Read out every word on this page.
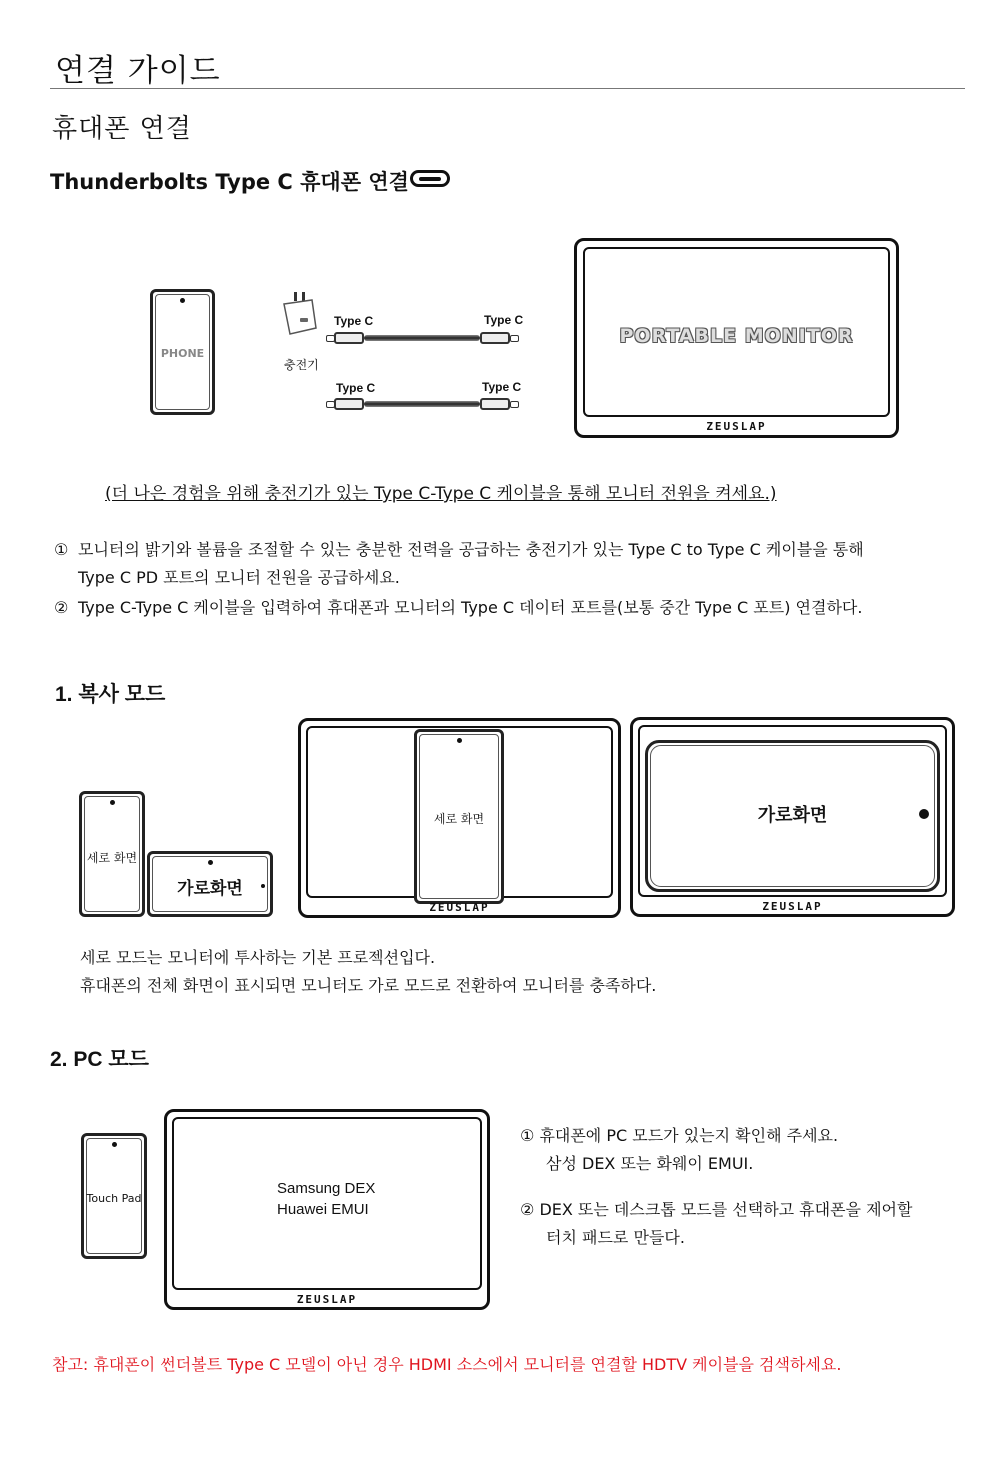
연결 가이드
휴대폰 연결
Thunderbolts Type C 휴대폰 연결
PHONE
충전기
Type C	Type C
Type C	Type C
PORTABLE MONITOR
ZEUSLAP
(더 나은 경험을 위해 충전기가 있는 Type C-Type C 케이블을 통해 모니터 전원을 켜세요.)
① 모니터의 밝기와 볼륨을 조절할 수 있는 충분한 전력을 공급하는 충전기가 있는 Type C to Type C 케이블을 통해
Type C PD 포트의 모니터 전원을 공급하세요.
② Type C-Type C 케이블을 입력하여 휴대폰과 모니터의 Type C 데이터 포트를(보통 중간 Type C 포트) 연결하다.
1. 복사 모드
세로 화면
가로화면
세로 화면
ZEUSLAP
가로화면
ZEUSLAP
세로 모드는 모니터에 투사하는 기본 프로젝션입다.
휴대폰의 전체 화면이 표시되면 모니터도 가로 모드로 전환하여 모니터를 충족하다.
2. PC 모드
Touch Pad
Samsung DEX
Huawei EMUI
ZEUSLAP
① 휴대폰에 PC 모드가 있는지 확인해 주세요.
삼성 DEX 또는 화웨이 EMUI.
② DEX 또는 데스크톱 모드를 선택하고 휴대폰을 제어할
터치 패드로 만들다.
참고: 휴대폰이 썬더볼트 Type C 모델이 아닌 경우 HDMI 소스에서 모니터를 연결할 HDTV 케이블을 검색하세요.
